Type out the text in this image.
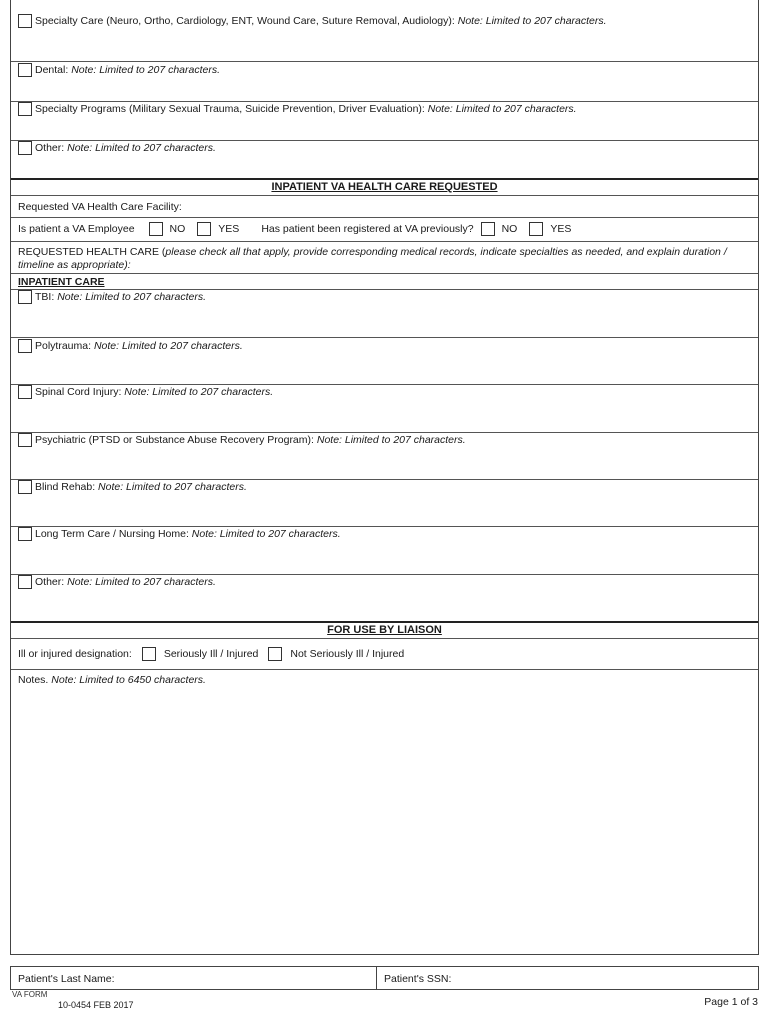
Specialty Care (Neuro, Ortho, Cardiology, ENT, Wound Care, Suture Removal, Audiology):
Note: Limited to 207 characters.
Dental:
Note: Limited to 207 characters.
Specialty Programs (Military Sexual Trauma, Suicide Prevention, Driver Evaluation):
Note: Limited to 207 characters.
Other:
Note: Limited to 207 characters.
INPATIENT VA HEALTH CARE REQUESTED
Requested VA Health Care Facility:
Is patient a VA Employee	NO	YES Has patient been registered at VA previously?	NO	YES
REQUESTED HEALTH CARE (please check all that apply, provide corresponding medical records, indicate specialties as needed, and explain duration / timeline as appropriate):
INPATIENT CARE
TBI:
Note: Limited to 207 characters.
Polytrauma:
Note: Limited to 207 characters.
Spinal Cord Injury:
Note: Limited to 207 characters.
Psychiatric (PTSD or Substance Abuse Recovery Program):
Note: Limited to 207 characters.
Blind Rehab:
Note: Limited to 207 characters.
Long Term Care / Nursing Home:
Note: Limited to 207 characters.
Other:
Note: Limited to 207 characters.
FOR USE BY LIAISON
Ill or injured designation:	Seriously Ill / Injured	Not Seriously Ill / Injured
Notes. Note: Limited to 6450 characters.
Patient's Last Name:	Patient's SSN:
VA FORM
10-0454 FEB 2017	Page 1 of 3
